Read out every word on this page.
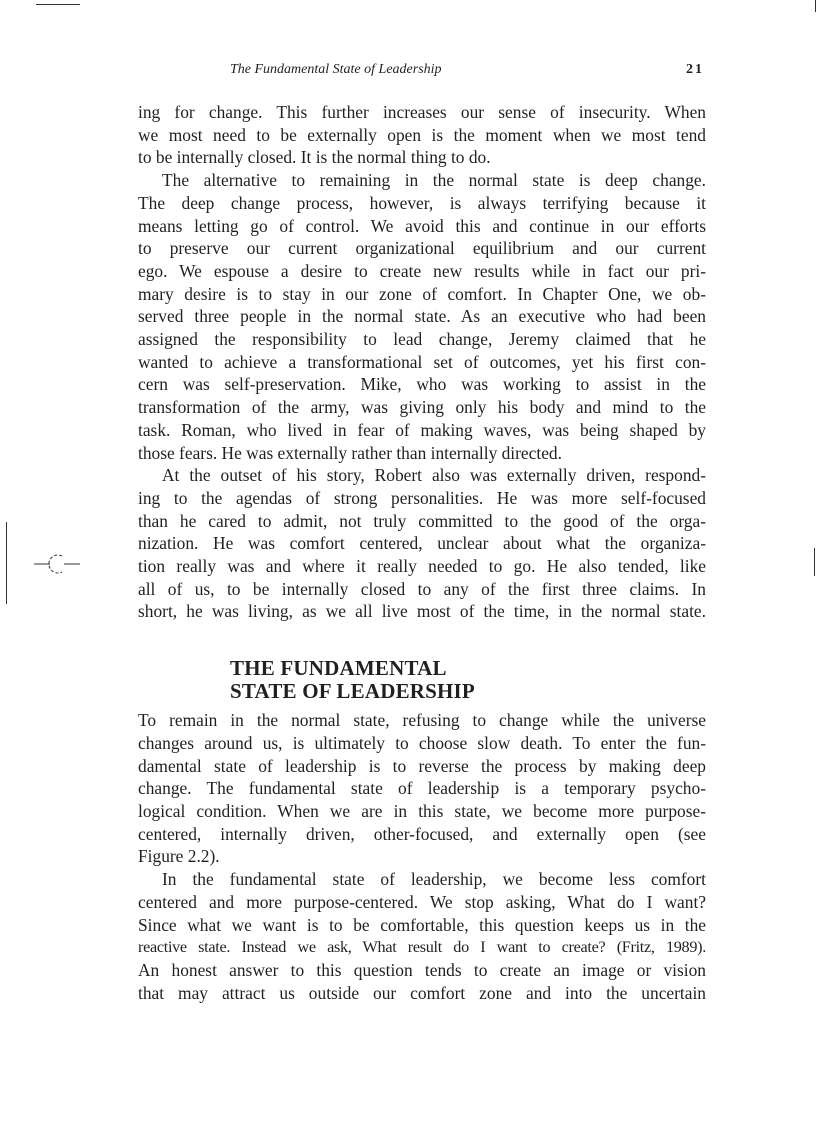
The Fundamental State of Leadership	21

ing for change. This further increases our sense of insecurity. When
we most need to be externally open is the moment when we most tend
to be internally closed. It is the normal thing to do.

The alternative to remaining in the normal state is deep change.
The deep change process, however, is always terrifying because it
means letting go of control. We avoid this and continue in our efforts
to preserve our current organizational equilibrium and our current
ego. We espouse a desire to create new results while in fact our pri-
mary desire is to stay in our zone of comfort. In Chapter One, we ob-
served three people in the normal state. As an executive who had been
assigned the responsibility to lead change, Jeremy claimed that he
wanted to achieve a transformational set of outcomes, yet his first con-
cern was self-preservation. Mike, who was working to assist in the
transformation of the army, was giving only his body and mind to the
task. Roman, who lived in fear of making waves, was being shaped by
those fears. He was externally rather than internally directed.

At the outset of his story, Robert also was externally driven, respond-
ing to the agendas of strong personalities. He was more self-focused
than he cared to admit, not truly committed to the good of the orga-
nization. He was comfort centered, unclear about what the organiza-
tion really was and where it really needed to go. He also tended, like
all of us, to be internally closed to any of the first three claims. In
short, he was living, as we all live most of the time, in the normal state.

THE FUNDAMENTAL
STATE OF LEADERSHIP

To remain in the normal state, refusing to change while the universe
changes around us, is ultimately to choose slow death. To enter the fun-
damental state of leadership is to reverse the process by making deep
change. The fundamental state of leadership is a temporary psycho-
logical condition. When we are in this state, we become more purpose-
centered, internally driven, other-focused, and externally open (see
Figure 2.2).

In the fundamental state of leadership, we become less comfort
centered and more purpose-centered. We stop asking, What do I want?
Since what we want is to be comfortable, this question keeps us in the
reactive state. Instead we ask, What result do I want to create? (Fritz, 1989).
An honest answer to this question tends to create an image or vision
that may attract us outside our comfort zone and into the uncertain
